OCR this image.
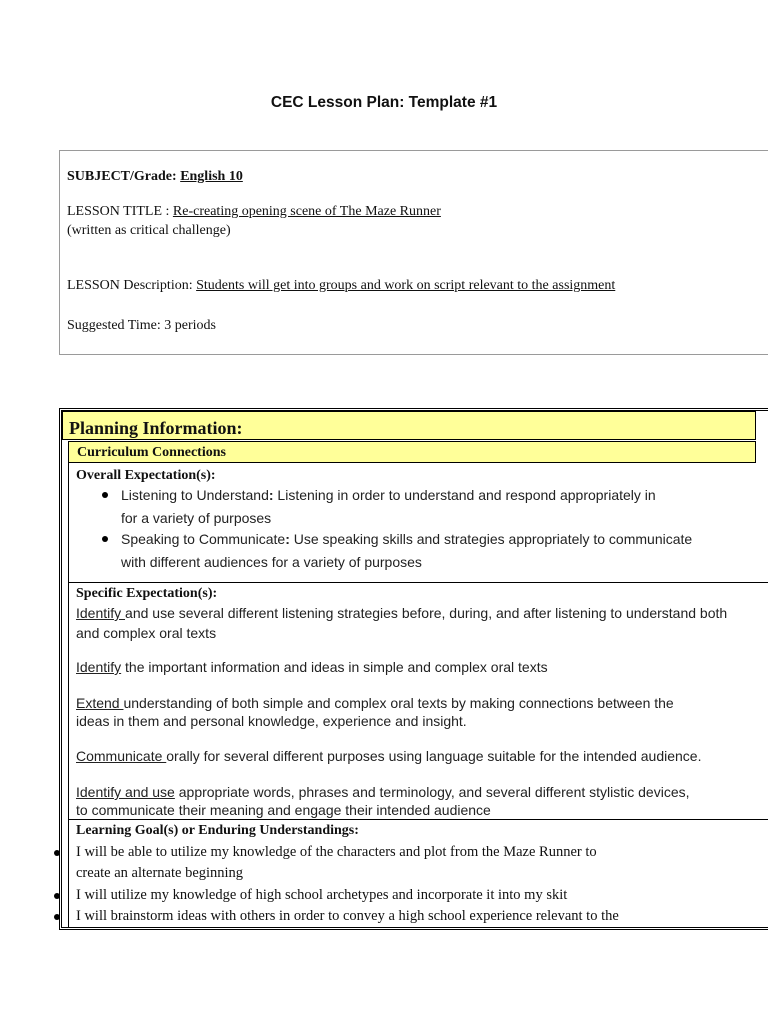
CEC Lesson Plan: Template #1
SUBJECT/Grade: English 10
LESSON TITLE : Re-creating opening scene of The Maze Runner
(written as critical challenge)
LESSON Description: Students will get into groups and work on script relevant to the assignment
Suggested Time: 3 periods
Planning Information:
Curriculum Connections
Overall Expectation(s):
Listening to Understand: Listening in order to understand and respond appropriately in
for a variety of purposes
Speaking to Communicate: Use speaking skills and strategies appropriately to communicate
with different audiences for a variety of purposes
Specific Expectation(s):
Identify and use several different listening strategies before, during, and after listening to understand both
and complex oral texts
Identify the important information and ideas in simple and complex oral texts
Extend understanding of both simple and complex oral texts by making connections between the
ideas in them and personal knowledge, experience and insight.
Communicate orally for several different purposes using language suitable for the intended audience.
Identify and use appropriate words, phrases and terminology, and several different stylistic devices,
to communicate their meaning and engage their intended audience
Learning Goal(s) or Enduring Understandings:
I will be able to utilize my knowledge of the characters and plot from the Maze Runner to
create an alternate beginning
I will utilize my knowledge of high school archetypes and incorporate it into my skit
I will brainstorm ideas with others in order to convey a high school experience relevant to the
